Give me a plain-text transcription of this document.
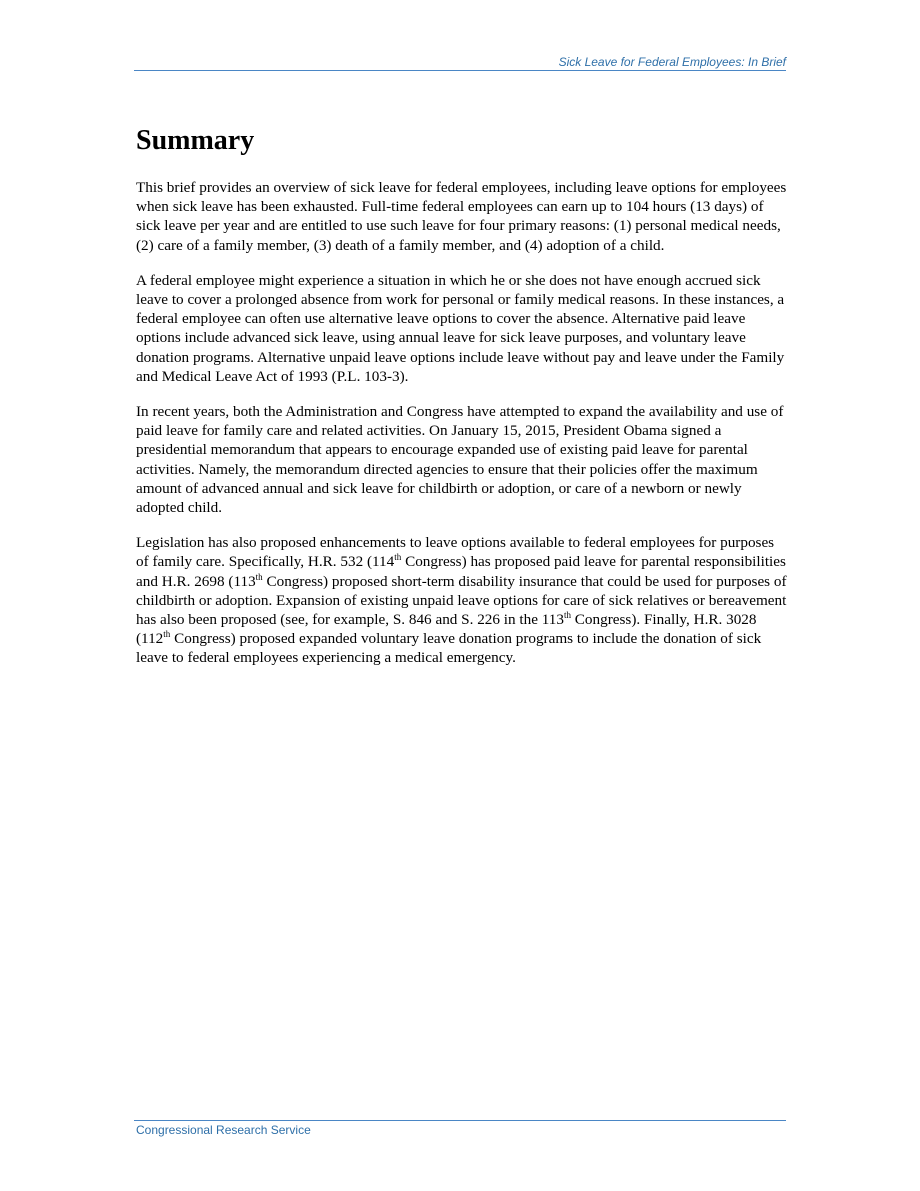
Sick Leave for Federal Employees: In Brief
Summary

This brief provides an overview of sick leave for federal employees, including leave options for employees when sick leave has been exhausted. Full-time federal employees can earn up to 104 hours (13 days) of sick leave per year and are entitled to use such leave for four primary reasons: (1) personal medical needs, (2) care of a family member, (3) death of a family member, and (4) adoption of a child.

A federal employee might experience a situation in which he or she does not have enough accrued sick leave to cover a prolonged absence from work for personal or family medical reasons. In these instances, a federal employee can often use alternative leave options to cover the absence. Alternative paid leave options include advanced sick leave, using annual leave for sick leave purposes, and voluntary leave donation programs. Alternative unpaid leave options include leave without pay and leave under the Family and Medical Leave Act of 1993 (P.L. 103-3).

In recent years, both the Administration and Congress have attempted to expand the availability and use of paid leave for family care and related activities. On January 15, 2015, President Obama signed a presidential memorandum that appears to encourage expanded use of existing paid leave for parental activities. Namely, the memorandum directed agencies to ensure that their policies offer the maximum amount of advanced annual and sick leave for childbirth or adoption, or care of a newborn or newly adopted child.

Legislation has also proposed enhancements to leave options available to federal employees for purposes of family care. Specifically, H.R. 532 (114th Congress) has proposed paid leave for parental responsibilities and H.R. 2698 (113th Congress) proposed short-term disability insurance that could be used for purposes of childbirth or adoption. Expansion of existing unpaid leave options for care of sick relatives or bereavement has also been proposed (see, for example, S. 846 and S. 226 in the 113th Congress). Finally, H.R. 3028 (112th Congress) proposed expanded voluntary leave donation programs to include the donation of sick leave to federal employees experiencing a medical emergency.

Congressional Research Service
